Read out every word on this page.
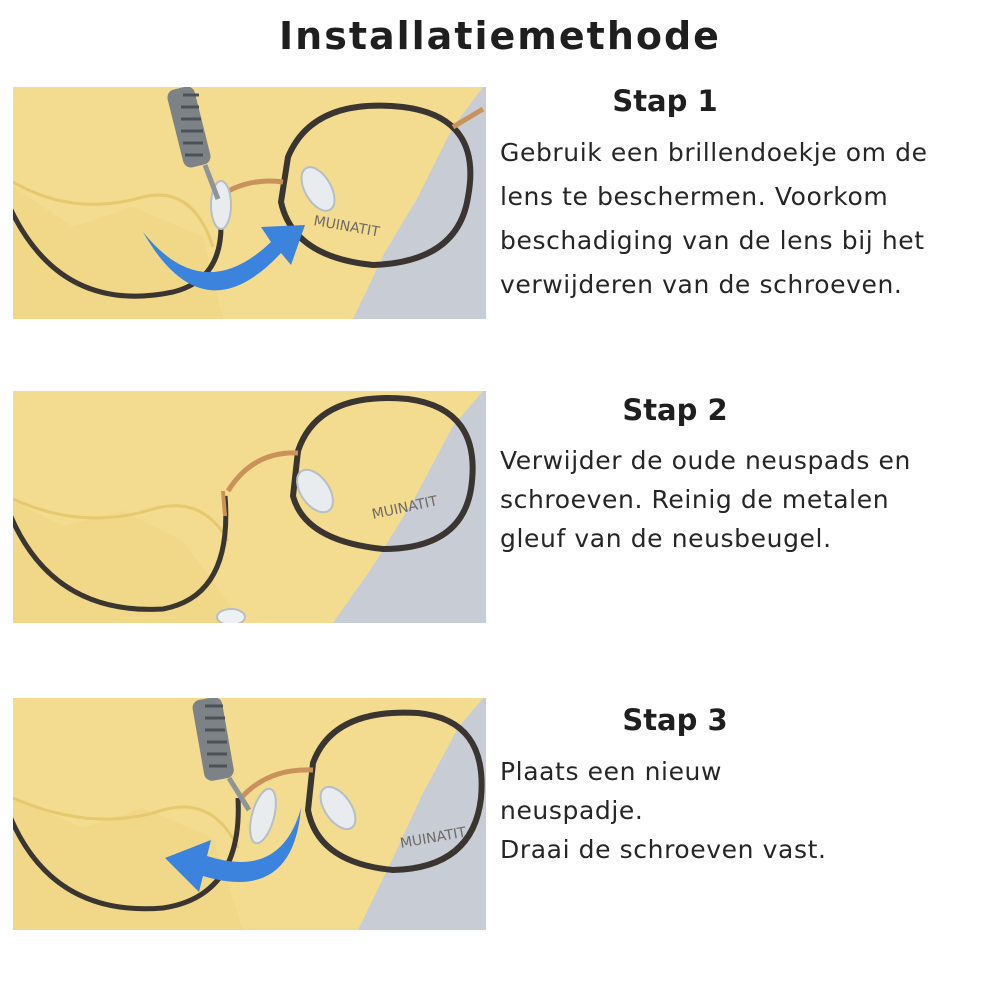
Installatiemethode
MUINATIT
Stap 1
Gebruik een brillendoekje om de
lens te beschermen. Voorkom
beschadiging van de lens bij het
verwijderen van de schroeven.
MUINATIT
Stap 2
Verwijder de oude neuspads en
schroeven. Reinig de metalen
gleuf van de neusbeugel.
MUINATIT
Stap 3
Plaats een nieuw
neuspadje.
Draai de schroeven vast.
